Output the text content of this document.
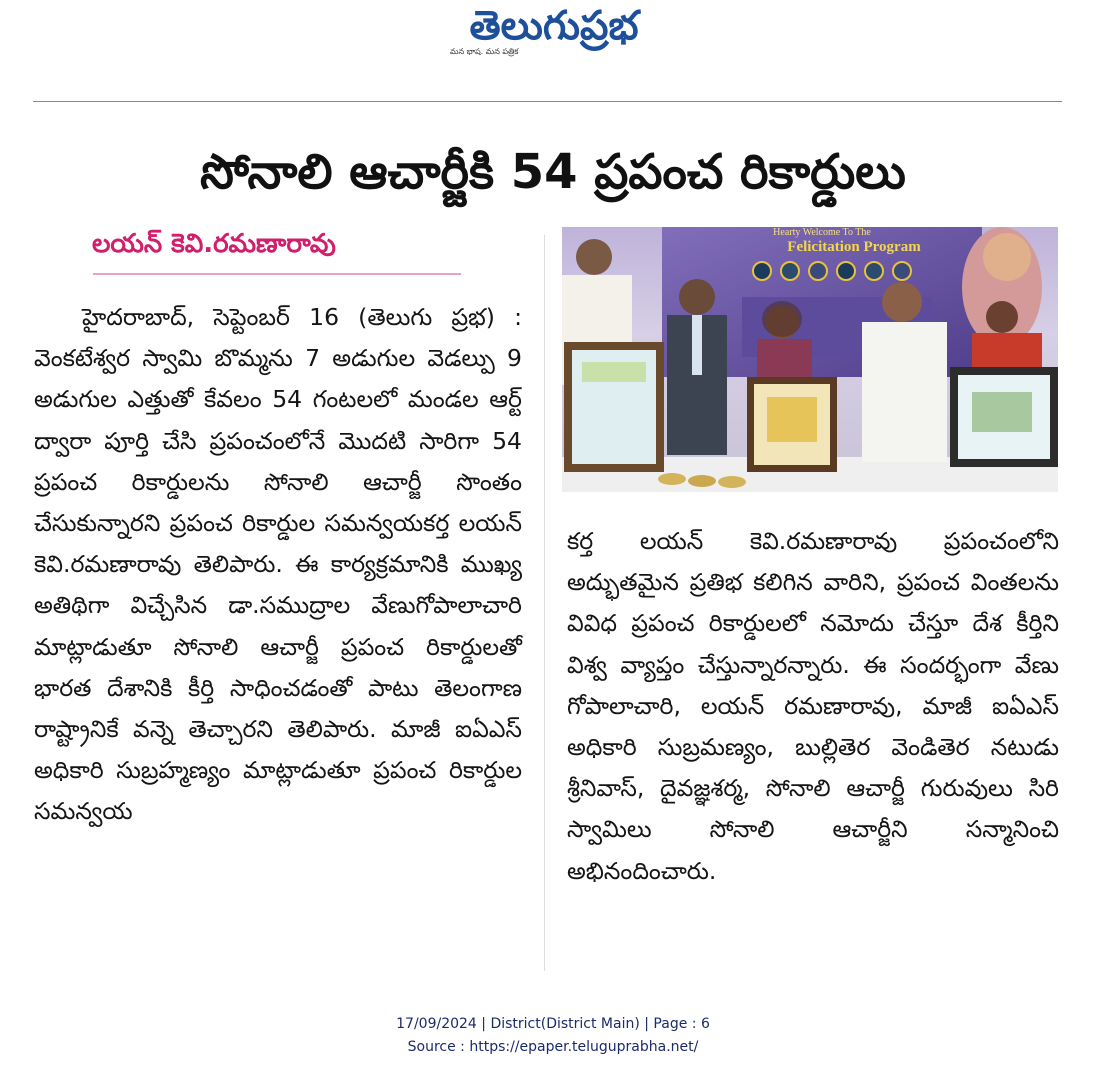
తెలుగుప్రభ
మన భాష. మన పత్రిక
సోనాలి ఆచార్జీకి 54 ప్రపంచ రికార్డులు
లయన్ కెవి.రమణారావు

హైదరాబాద్, సెప్టెంబర్ 16 (తెలుగు ప్రభ) : వెంకటేశ్వర స్వామి బొమ్మను 7 అడుగుల వెడల్పు 9 అడుగుల ఎత్తుతో కేవలం 54 గంటలలో మండల ఆర్ట్ ద్వారా పూర్తి చేసి ప్రపంచంలోనే మొదటి సారిగా 54 ప్రపంచ రికార్డులను సోనాలి ఆచార్జీ సొంతం చేసుకున్నారని ప్రపంచ రికార్డుల సమన్వయకర్త లయన్ కెవి.రమణారావు తెలిపారు. ఈ కార్యక్రమానికి ముఖ్య అతిథిగా విచ్చేసిన డా.సముద్రాల వేణుగోపాలాచారి మాట్లాడుతూ సోనాలి ఆచార్జీ ప్రపంచ రికార్డులతో భారత దేశానికి కీర్తి సాధించడంతో పాటు తెలంగాణ రాష్ట్రానికే వన్నె తెచ్చారని తెలిపారు. మాజీ ఐఏఎస్ అధికారి సుబ్రహ్మణ్యం మాట్లాడుతూ ప్రపంచ రికార్డుల సమన్వయ

Hearty Welcome To The
Felicitation Program

కర్త లయన్ కెవి.రమణారావు ప్రపంచంలోని అద్భుతమైన ప్రతిభ కలిగిన వారిని, ప్రపంచ వింతలను వివిధ ప్రపంచ రికార్డులలో నమోదు చేస్తూ దేశ కీర్తిని విశ్వ వ్యాప్తం చేస్తున్నారన్నారు. ఈ సందర్భంగా వేణు గోపాలాచారి, లయన్ రమణారావు, మాజీ ఐఏఎస్ అధికారి సుబ్రమణ్యం, బుల్లితెర వెండితెర నటుడు శ్రీనివాస్, దైవజ్ఞశర్మ, సోనాలి ఆచార్జీ గురువులు సిరి స్వామిలు సోనాలి ఆచార్జీని సన్మానించి అభినందించారు.

17/09/2024 | District(District Main) | Page : 6
Source : https://epaper.teluguprabha.net/
